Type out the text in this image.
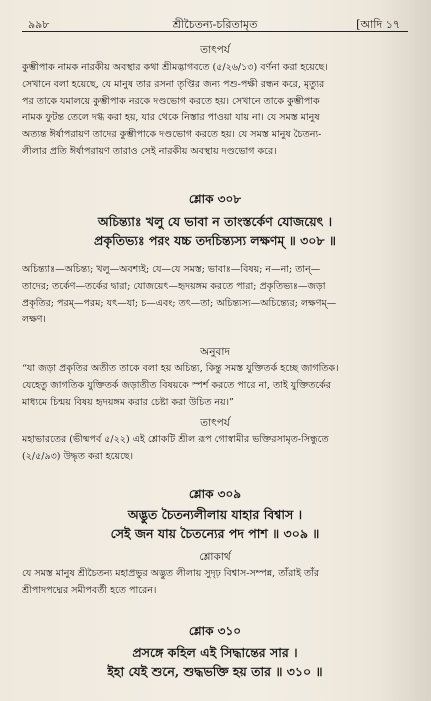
৯৯৮	শ্রীচৈতন্য-চরিতামৃত	[আদি ১৭
তাৎপর্য
কুম্ভীপাক নামক নারকীয় অবস্থার কথা শ্রীমদ্ভাগবতে (৫/২৬/১৩) বর্ণনা করা হয়েছে।
সেখানে বলা হয়েছে, যে মানুষ তার রসনা তৃপ্তির জন্য পশু-পক্ষী রন্ধন করে, মৃত্যুর
পর তাকে যমালয়ে কুম্ভীপাক নরকে দণ্ডভোগ করতে হয়। সেখানে তাকে কুম্ভীপাক
নামক ফুটন্ত তেলে দগ্ধ করা হয়, যার থেকে নিস্তার পাওয়া যায় না। যে সমস্ত মানুষ
অত্যন্ত ঈর্ষাপরায়ণ তাদের কুম্ভীপাকে দণ্ডভোগ করতে হয়। যে সমস্ত মানুষ চৈতন্য-
লীলার প্রতি ঈর্ষাপরায়ণ তারাও সেই নারকীয় অবস্থায় দণ্ডভোগ করে।
শ্লোক ৩০৮
অচিন্ত্যাঃ খলু যে ভাবা ন তাংস্তর্কেণ যোজয়েৎ ।
প্রকৃতিভ্যঃ পরং যচ্চ তদচিন্ত্যস্য লক্ষণম্ ॥ ৩০৮ ॥
অচিন্ত্যাঃ—অচিন্ত্য; খলু—অবশ্যই; যে—যে সমস্ত; ভাবাঃ—বিষয়; ন—না; তান্—
তাদের; তর্কেণ—তর্কের দ্বারা; যোজয়েৎ—হৃদয়ঙ্গম করতে পারা; প্রকৃতিভ্যঃ—জড়া
প্রকৃতির; পরম্—পরম; যৎ—যা; চ—এবং; তৎ—তা; অচিন্ত্যস্য—অচিন্ত্যের; লক্ষণম্—
লক্ষণ।
অনুবাদ
“যা জড়া প্রকৃতির অতীত তাকে বলা হয় অচিন্ত্য, কিন্তু সমস্ত যুক্তিতর্ক হচ্ছে জাগতিক।
যেহেতু জাগতিক যুক্তিতর্ক জড়াতীত বিষয়কে স্পর্শ করতে পারে না, তাই যুক্তিতর্কের
মাধ্যমে চিন্ময় বিষয় হৃদয়ঙ্গম করার চেষ্টা করা উচিত নয়।”
তাৎপর্য
মহাভারতের (ভীষ্মপর্ব ৫/২২) এই শ্লোকটি শ্রীল রূপ গোস্বামীর ভক্তিরসামৃত-সিন্ধুতে
(২/৫/৯৩) উদ্ধৃত করা হয়েছে।
শ্লোক ৩০৯
অদ্ভুত চৈতন্যলীলায় যাহার বিশ্বাস ।
সেই জন যায় চৈতন্যের পদ পাশ ॥ ৩০৯ ॥
শ্লোকার্থ
যে সমস্ত মানুষ শ্রীচৈতন্য মহাপ্রভুর অদ্ভুত লীলায় সুদৃঢ় বিশ্বাস-সম্পন্ন, তাঁরাই তাঁর
শ্রীপাদপদ্মের সমীপবর্তী হতে পারেন।
শ্লোক ৩১০
প্রসঙ্গে কহিল এই সিদ্ধান্তের সার ।
ইহা যেই শুনে, শুদ্ধভক্তি হয় তার ॥ ৩১০ ॥
